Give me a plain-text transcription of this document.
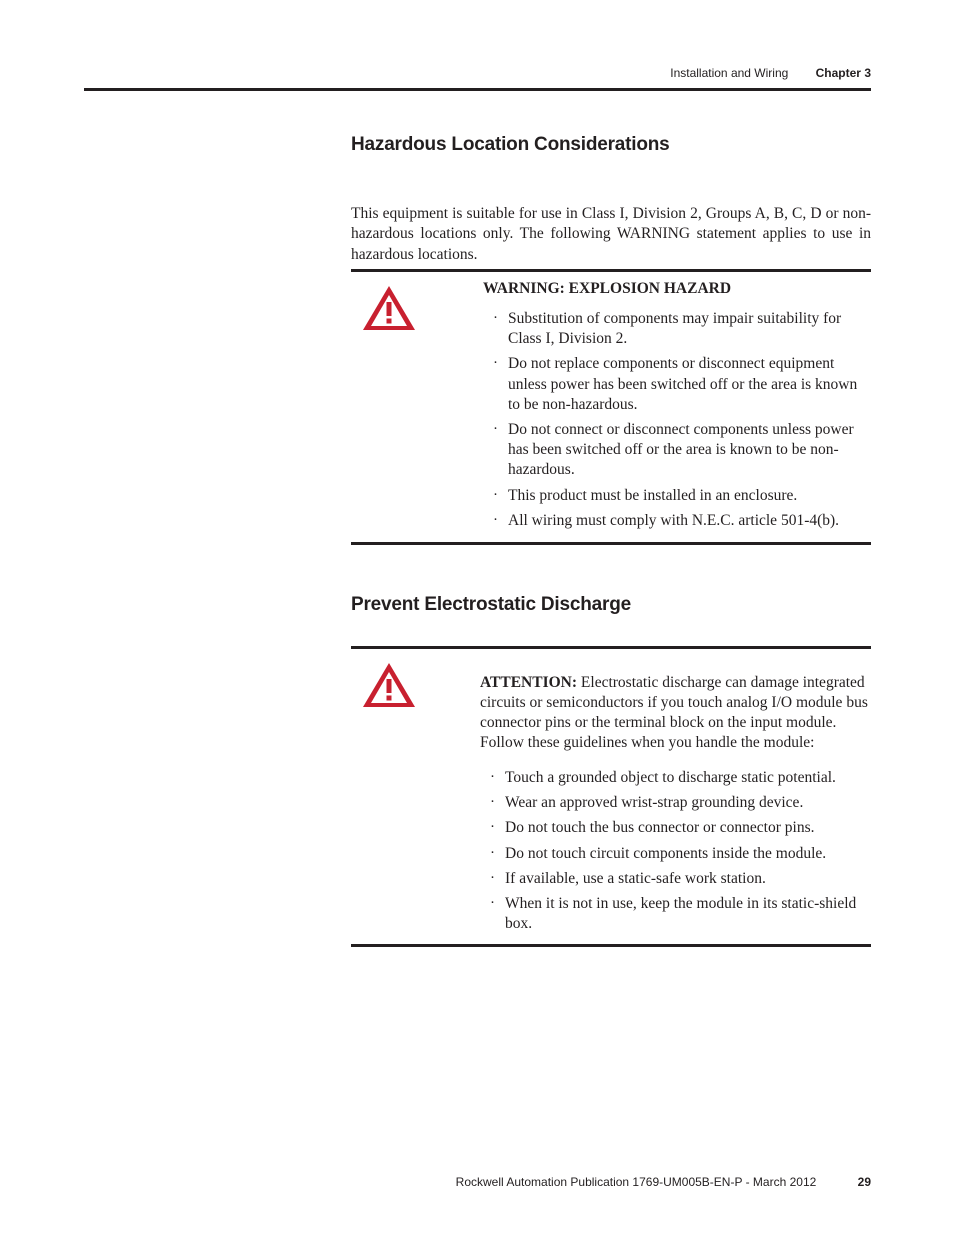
Installation and Wiring Chapter 3
Hazardous Location Considerations

This equipment is suitable for use in Class I, Division 2, Groups A, B, C, D or non-hazardous locations only. The following WARNING statement applies to use in hazardous locations.

WARNING: EXPLOSION HAZARD
· Substitution of components may impair suitability for Class I, Division 2.
· Do not replace components or disconnect equipment unless power has been switched off or the area is known to be non-hazardous.
· Do not connect or disconnect components unless power has been switched off or the area is known to be non-hazardous.
· This product must be installed in an enclosure.
· All wiring must comply with N.E.C. article 501-4(b).
Prevent Electrostatic Discharge

ATTENTION: Electrostatic discharge can damage integrated circuits or semiconductors if you touch analog I/O module bus connector pins or the terminal block on the input module. Follow these guidelines when you handle the module:

· Touch a grounded object to discharge static potential.
· Wear an approved wrist-strap grounding device.
· Do not touch the bus connector or connector pins.
· Do not touch circuit components inside the module.
· If available, use a static-safe work station.
· When it is not in use, keep the module in its static-shield box.
Rockwell Automation Publication 1769-UM005B-EN-P - March 2012	29
